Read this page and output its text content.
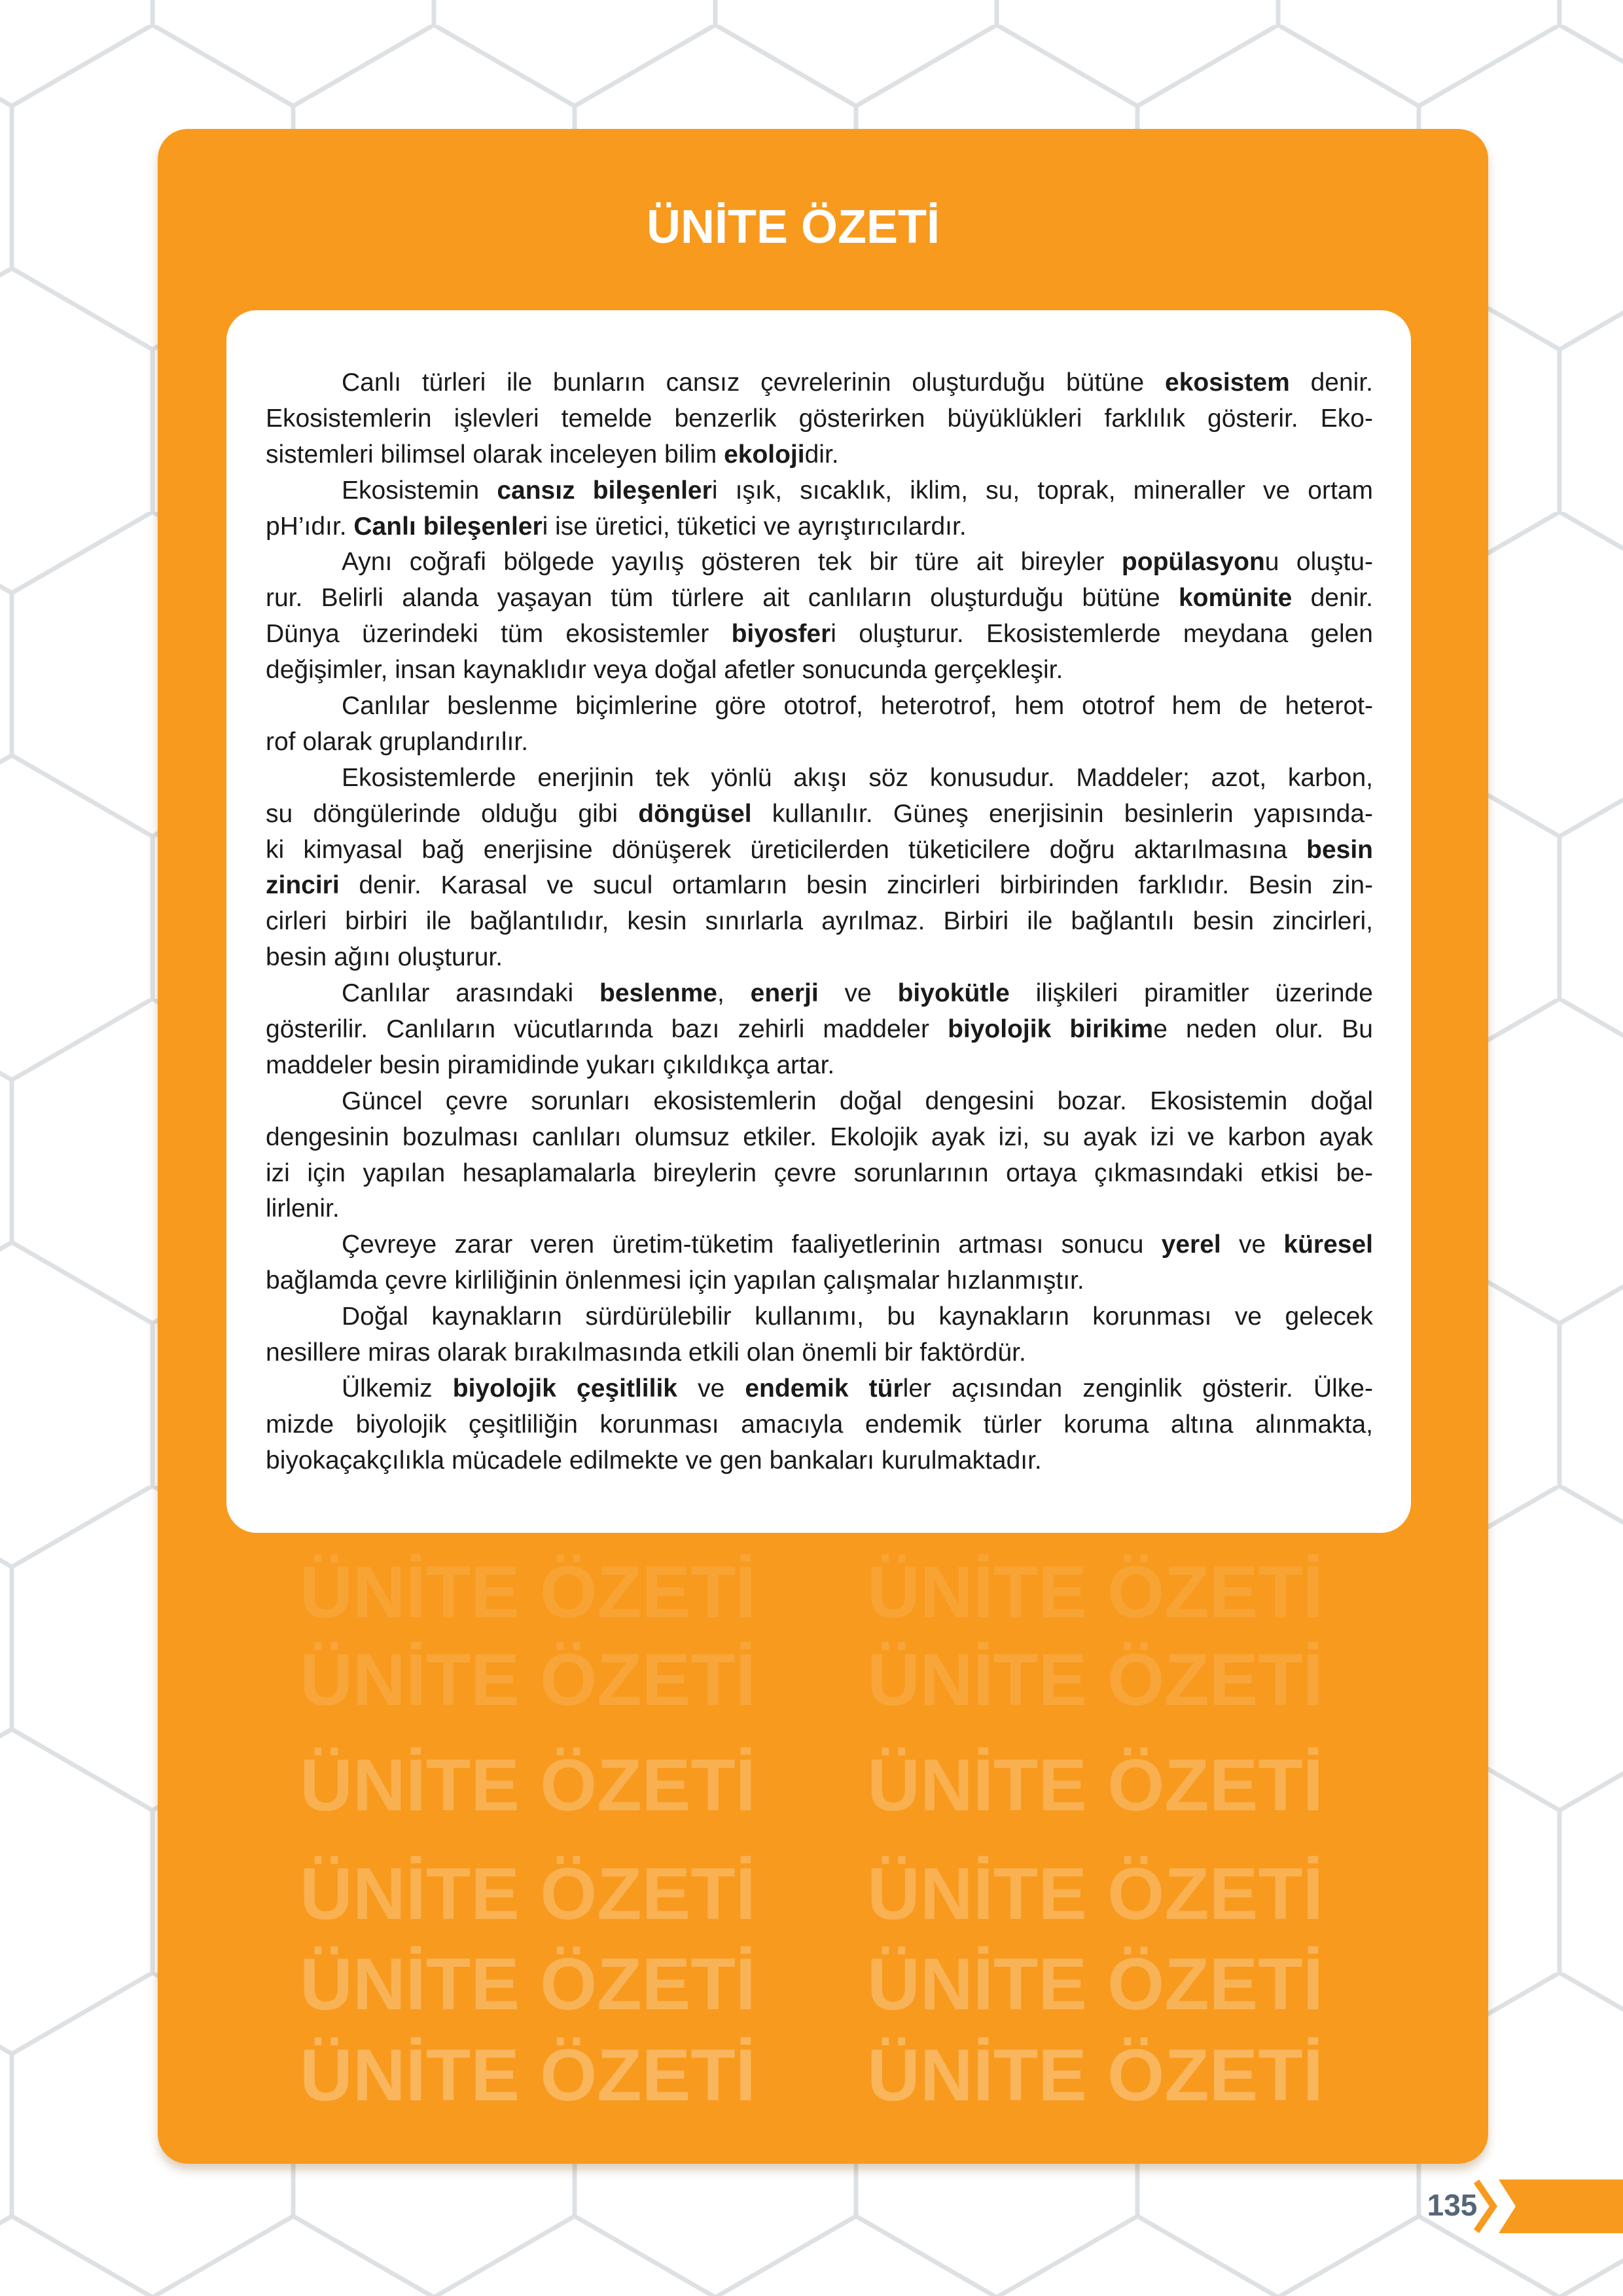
ÜNİTE ÖZETİ
ÜNİTE ÖZETİ ÜNİTE ÖZETİ
ÜNİTE ÖZETİ ÜNİTE ÖZETİ
ÜNİTE ÖZETİ ÜNİTE ÖZETİ
ÜNİTE ÖZETİ ÜNİTE ÖZETİ
ÜNİTE ÖZETİ ÜNİTE ÖZETİ
ÜNİTE ÖZETİ ÜNİTE ÖZETİ
Canlı türleri ile bunların cansız çevrelerinin oluşturduğu bütüne ekosistem denir.
Ekosistemlerin işlevleri temelde benzerlik gösterirken büyüklükleri farklılık gösterir. Eko-
sistemleri bilimsel olarak inceleyen bilim ekolojidir.
Ekosistemin cansız bileşenleri ışık, sıcaklık, iklim, su, toprak, mineraller ve ortam
pH’ıdır. Canlı bileşenleri ise üretici, tüketici ve ayrıştırıcılardır.
Aynı coğrafi bölgede yayılış gösteren tek bir türe ait bireyler popülasyonu oluştu-
rur. Belirli alanda yaşayan tüm türlere ait canlıların oluşturduğu bütüne komünite denir.
Dünya üzerindeki tüm ekosistemler biyosferi oluşturur. Ekosistemlerde meydana gelen
değişimler, insan kaynaklıdır veya doğal afetler sonucunda gerçekleşir.
Canlılar beslenme biçimlerine göre ototrof, heterotrof, hem ototrof hem de heterot-
rof olarak gruplandırılır.
Ekosistemlerde enerjinin tek yönlü akışı söz konusudur. Maddeler; azot, karbon,
su döngülerinde olduğu gibi döngüsel kullanılır. Güneş enerjisinin besinlerin yapısında-
ki kimyasal bağ enerjisine dönüşerek üreticilerden tüketicilere doğru aktarılmasına besin
zinciri denir. Karasal ve sucul ortamların besin zincirleri birbirinden farklıdır. Besin zin-
cirleri birbiri ile bağlantılıdır, kesin sınırlarla ayrılmaz. Birbiri ile bağlantılı besin zincirleri,
besin ağını oluşturur.
Canlılar arasındaki beslenme, enerji ve biyokütle ilişkileri piramitler üzerinde
gösterilir. Canlıların vücutlarında bazı zehirli maddeler biyolojik birikime neden olur. Bu
maddeler besin piramidinde yukarı çıkıldıkça artar.
Güncel çevre sorunları ekosistemlerin doğal dengesini bozar. Ekosistemin doğal
dengesinin bozulması canlıları olumsuz etkiler. Ekolojik ayak izi, su ayak izi ve karbon ayak
izi için yapılan hesaplamalarla bireylerin çevre sorunlarının ortaya çıkmasındaki etkisi be-
lirlenir.
Çevreye zarar veren üretim-tüketim faaliyetlerinin artması sonucu yerel ve küresel
bağlamda çevre kirliliğinin önlenmesi için yapılan çalışmalar hızlanmıştır.
Doğal kaynakların sürdürülebilir kullanımı, bu kaynakların korunması ve gelecek
nesillere miras olarak bırakılmasında etkili olan önemli bir faktördür.
Ülkemiz biyolojik çeşitlilik ve endemik türler açısından zenginlik gösterir. Ülke-
mizde biyolojik çeşitliliğin korunması amacıyla endemik türler koruma altına alınmakta,
biyokaçakçılıkla mücadele edilmekte ve gen bankaları kurulmaktadır.
135
